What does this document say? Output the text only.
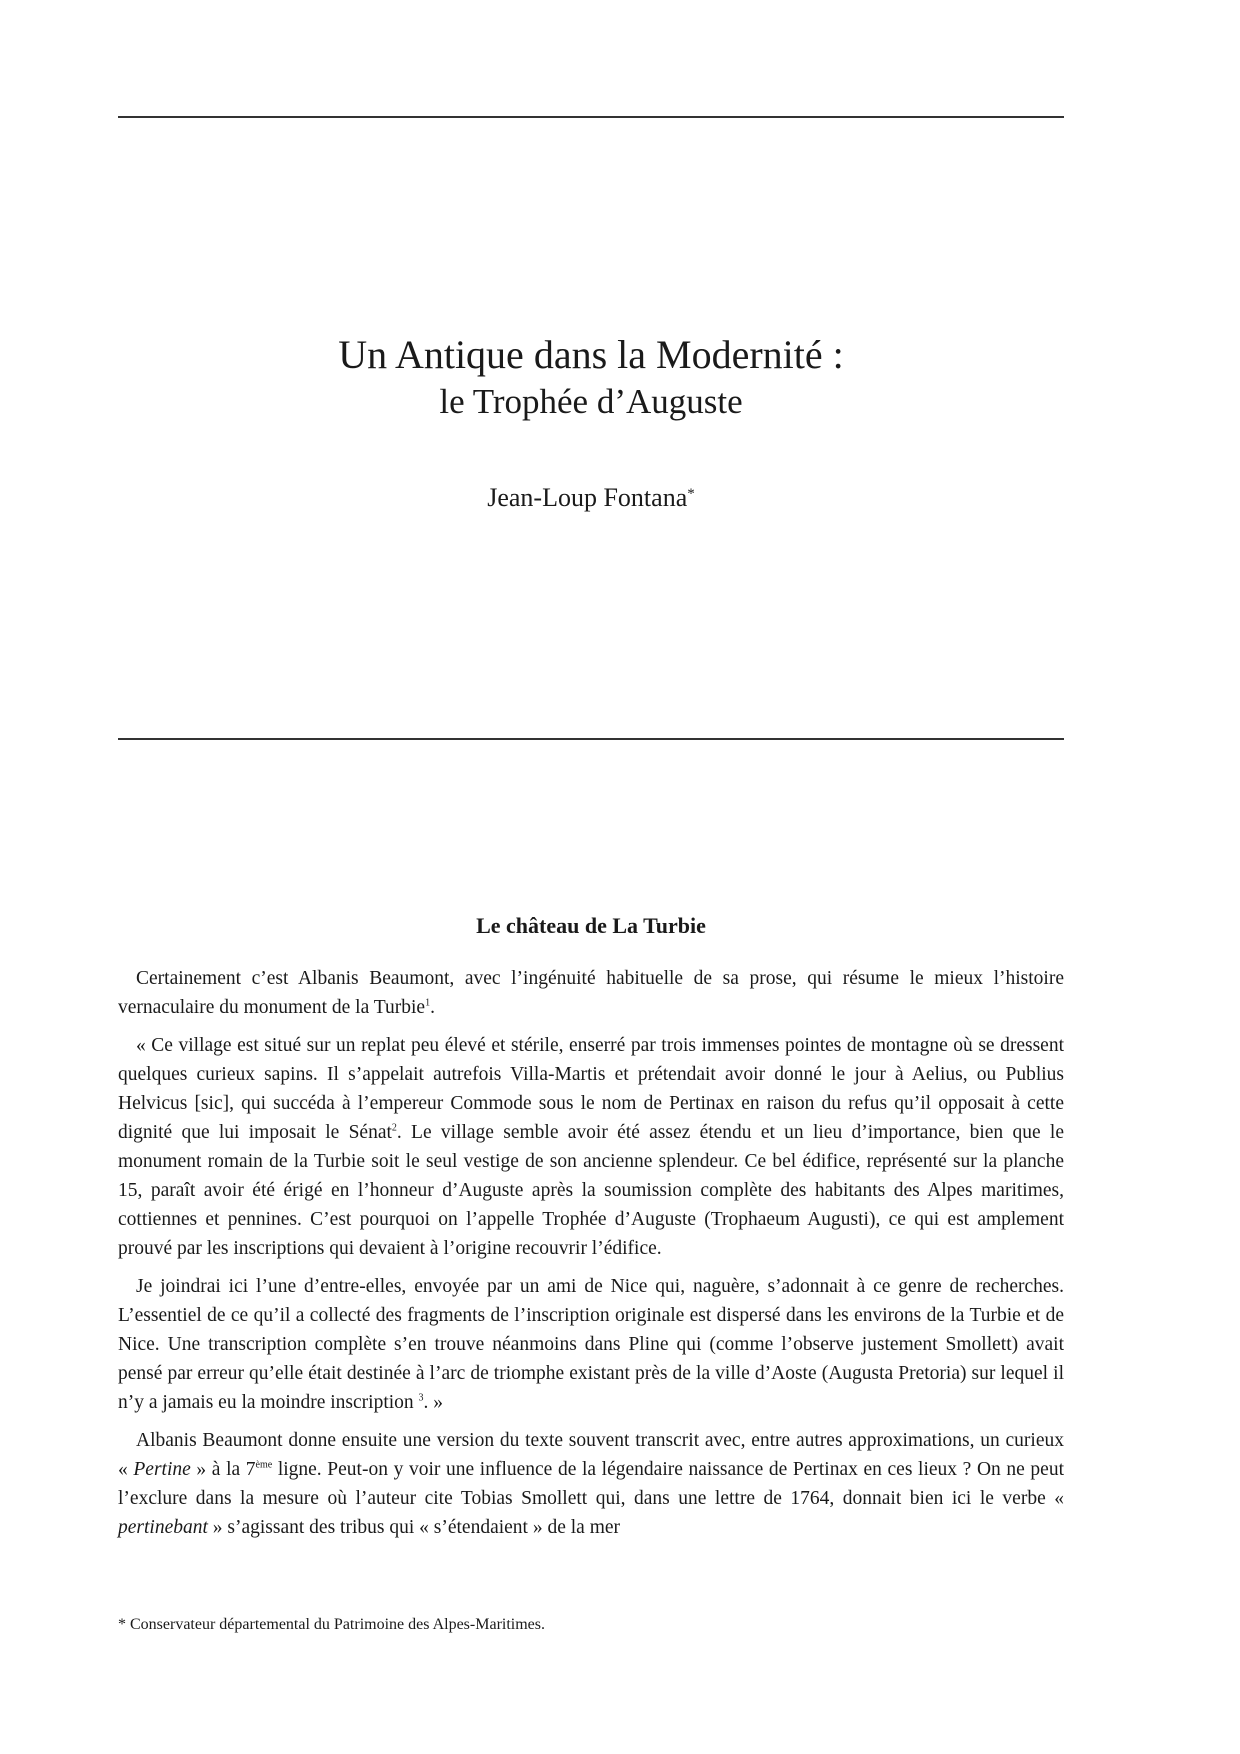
Un Antique dans la Modernité :
le Trophée d’Auguste
Jean-Loup Fontana*
Le château de La Turbie

Certainement c’est Albanis Beaumont, avec l’ingénuité habituelle de sa prose, qui résume le mieux l’histoire vernaculaire du monument de la Turbie$^1$.

« Ce village est situé sur un replat peu élevé et stérile, enserré par trois immenses pointes de montagne où se dressent quelques curieux sapins. Il s’appelait autrefois Villa-Martis et prétendait avoir donné le jour à Aelius, ou Publius Helvicus [sic], qui succéda à l’empereur Commode sous le nom de Pertinax en raison du refus qu’il opposait à cette dignité que lui imposait le Sénat$^2$. Le village semble avoir été assez étendu et un lieu d’importance, bien que le monument romain de la Turbie soit le seul vestige de son ancienne splendeur. Ce bel édifice, représenté sur la planche 15, paraît avoir été érigé en l’honneur d’Auguste après la soumission complète des habitants des Alpes maritimes, cottiennes et pennines. C’est pourquoi on l’appelle Trophée d’Auguste (Trophaeum Augusti), ce qui est amplement prouvé par les inscriptions qui devaient à l’origine recouvrir l’édifice.

Je joindrai ici l’une d’entre-elles, envoyée par un ami de Nice qui, naguère, s’adonnait à ce genre de recherches. L’essentiel de ce qu’il a collecté des fragments de l’inscription originale est dispersé dans les environs de la Turbie et de Nice. Une transcription complète s’en trouve néanmoins dans Pline qui (comme l’observe justement Smollett) avait pensé par erreur qu’elle était destinée à l’arc de triomphe existant près de la ville d’Aoste (Augusta Pretoria) sur lequel il n’y a jamais eu la moindre inscription $^3$. »

Albanis Beaumont donne ensuite une version du texte souvent transcrit avec, entre autres approximations, un curieux « Pertine » à la 7ème ligne. Peut-on y voir une influence de la légendaire naissance de Pertinax en ces lieux ? On ne peut l’exclure dans la mesure où l’auteur cite Tobias Smollett qui, dans une lettre de 1764, donnait bien ici le verbe « pertinebant » s’agissant des tribus qui « s’étendaient » de la mer

* Conservateur départemental du Patrimoine des Alpes-Maritimes.
